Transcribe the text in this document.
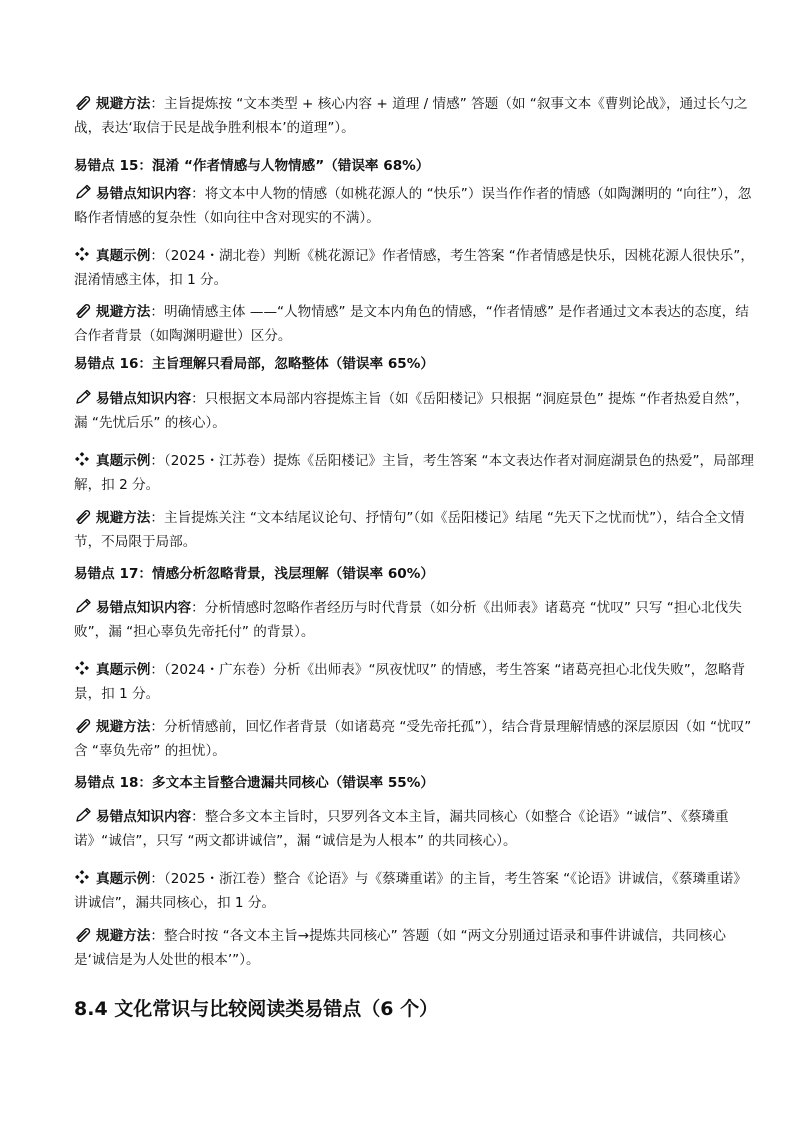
规避方法：主旨提炼按 “文本类型 + 核心内容 + 道理 / 情感” 答题（如 “叙事文本《曹刿论战》，通过长勺之战，表达‘取信于民是战争胜利根本’的道理”）。
易错点 15：混淆 “作者情感与人物情感”（错误率 68%）
易错点知识内容：将文本中人物的情感（如桃花源人的 “快乐”）误当作作者的情感（如陶渊明的 “向往”），忽略作者情感的复杂性（如向往中含对现实的不满）。
真题示例：（2024・湖北卷）判断《桃花源记》作者情感，考生答案 “作者情感是快乐，因桃花源人很快乐”，混淆情感主体，扣 1 分。
规避方法：明确情感主体 ——“人物情感” 是文本内角色的情感，“作者情感” 是作者通过文本表达的态度，结合作者背景（如陶渊明避世）区分。
易错点 16：主旨理解只看局部，忽略整体（错误率 65%）
易错点知识内容：只根据文本局部内容提炼主旨（如《岳阳楼记》只根据 “洞庭景色” 提炼 “作者热爱自然”，漏 “先忧后乐” 的核心）。
真题示例：（2025・江苏卷）提炼《岳阳楼记》主旨，考生答案 “本文表达作者对洞庭湖景色的热爱”，局部理解，扣 2 分。
规避方法：主旨提炼关注 “文本结尾议论句、抒情句”（如《岳阳楼记》结尾 “先天下之忧而忧”），结合全文情节，不局限于局部。
易错点 17：情感分析忽略背景，浅层理解（错误率 60%）
易错点知识内容：分析情感时忽略作者经历与时代背景（如分析《出师表》诸葛亮 “忧叹” 只写 “担心北伐失败”，漏 “担心辜负先帝托付” 的背景）。
真题示例：（2024・广东卷）分析《出师表》“夙夜忧叹” 的情感，考生答案 “诸葛亮担心北伐失败”，忽略背景，扣 1 分。
规避方法：分析情感前，回忆作者背景（如诸葛亮 “受先帝托孤”），结合背景理解情感的深层原因（如 “忧叹” 含 “辜负先帝” 的担忧）。
易错点 18：多文本主旨整合遗漏共同核心（错误率 55%）
易错点知识内容：整合多文本主旨时，只罗列各文本主旨，漏共同核心（如整合《论语》“诚信”、《蔡璘重诺》“诚信”，只写 “两文都讲诚信”，漏 “诚信是为人根本” 的共同核心）。
真题示例：（2025・浙江卷）整合《论语》与《蔡璘重诺》的主旨，考生答案 “《论语》讲诚信，《蔡璘重诺》讲诚信”，漏共同核心，扣 1 分。
规避方法：整合时按 “各文本主旨→提炼共同核心” 答题（如 “两文分别通过语录和事件讲诚信，共同核心是‘诚信是为人处世的根本’”）。
8.4 文化常识与比较阅读类易错点（6 个）
